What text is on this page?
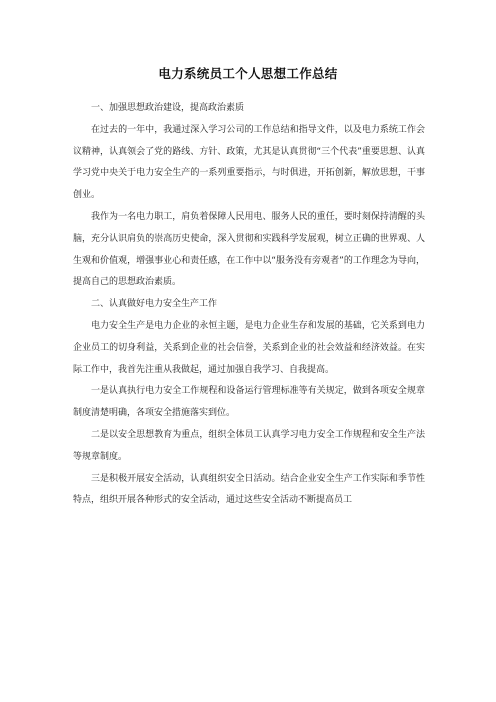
电力系统员工个人思想工作总结

一、加强思想政治建设，提高政治素质

在过去的一年中，我通过深入学习公司的工作总结和指导文件，以及电力系统工作会议精神，认真领会了党的路线、方针、政策，尤其是认真贯彻“三个代表”重要思想、认真学习党中央关于电力安全生产的一系列重要指示，与时俱进，开拓创新，解放思想，干事创业。

我作为一名电力职工，肩负着保障人民用电、服务人民的重任，要时刻保持清醒的头脑，充分认识肩负的崇高历史使命，深入贯彻和实践科学发展观，树立正确的世界观、人生观和价值观，增强事业心和责任感，在工作中以“服务没有旁观者”的工作理念为导向，提高自己的思想政治素质。

二、认真做好电力安全生产工作

电力安全生产是电力企业的永恒主题，是电力企业生存和发展的基础，它关系到电力企业员工的切身利益，关系到企业的社会信誉，关系到企业的社会效益和经济效益。在实际工作中，我首先注重从我做起，通过加强自我学习、自我提高。

一是认真执行电力安全工作规程和设备运行管理标准等有关规定，做到各项安全规章制度清楚明确，各项安全措施落实到位。

二是以安全思想教育为重点，组织全体员工认真学习电力安全工作规程和安全生产法等规章制度。

三是积极开展安全活动，认真组织安全日活动。结合企业安全生产工作实际和季节性特点，组织开展各种形式的安全活动，通过这些安全活动不断提高员工
